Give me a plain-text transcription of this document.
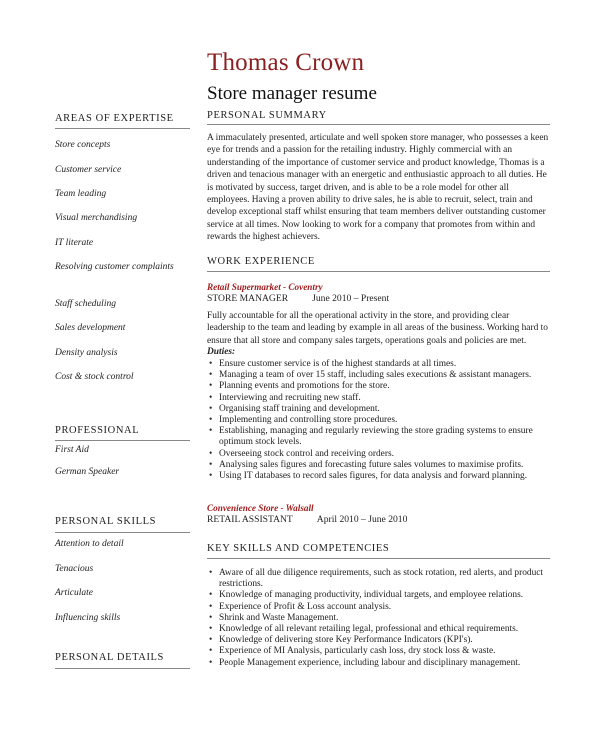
Thomas Crown
Store manager resume
AREAS OF EXPERTISE
Store concepts
Customer service
Team leading
Visual merchandising
IT literate
Resolving customer complaints
Staff scheduling
Sales development
Density analysis
Cost & stock control
PROFESSIONAL
First Aid
German Speaker
PERSONAL SKILLS
Attention to detail
Tenacious
Articulate
Influencing skills
PERSONAL DETAILS
PERSONAL SUMMARY
A immaculately presented, articulate and well spoken store manager, who possesses a keen eye for trends and a passion for the retailing industry. Highly commercial with an understanding of the importance of customer service and product knowledge, Thomas is a driven and tenacious manager with an energetic and enthusiastic approach to all duties. He is motivated by success, target driven, and is able to be a role model for other all employees. Having a proven ability to drive sales, he is able to recruit, select, train and develop exceptional staff whilst ensuring that team members deliver outstanding customer service at all times. Now looking to work for a company that promotes from within and rewards the highest achievers.
WORK EXPERIENCE
Retail Supermarket - Coventry
STORE MANAGER	June 2010 – Present
Fully accountable for all the operational activity in the store, and providing clear leadership to the team and leading by example in all areas of the business. Working hard to ensure that all store and company sales targets, operations goals and policies are met.
Duties:
• Ensure customer service is of the highest standards at all times.
• Managing a team of over 15 staff, including sales executions & assistant managers.
• Planning events and promotions for the store.
• Interviewing and recruiting new staff.
• Organising staff training and development.
• Implementing and controlling store procedures.
• Establishing, managing and regularly reviewing the store grading systems to ensure optimum stock levels.
• Overseeing stock control and receiving orders.
• Analysing sales figures and forecasting future sales volumes to maximise profits.
• Using IT databases to record sales figures, for data analysis and forward planning.
Convenience Store - Walsall
RETAIL ASSISTANT	April 2010 – June 2010
KEY SKILLS AND COMPETENCIES
• Aware of all due diligence requirements, such as stock rotation, red alerts, and product restrictions.
• Knowledge of managing productivity, individual targets, and employee relations.
• Experience of Profit & Loss account analysis.
• Shrink and Waste Management.
• Knowledge of all relevant retailing legal, professional and ethical requirements.
• Knowledge of delivering store Key Performance Indicators (KPI's).
• Experience of MI Analysis, particularly cash loss, dry stock loss & waste.
• People Management experience, including labour and disciplinary management.
